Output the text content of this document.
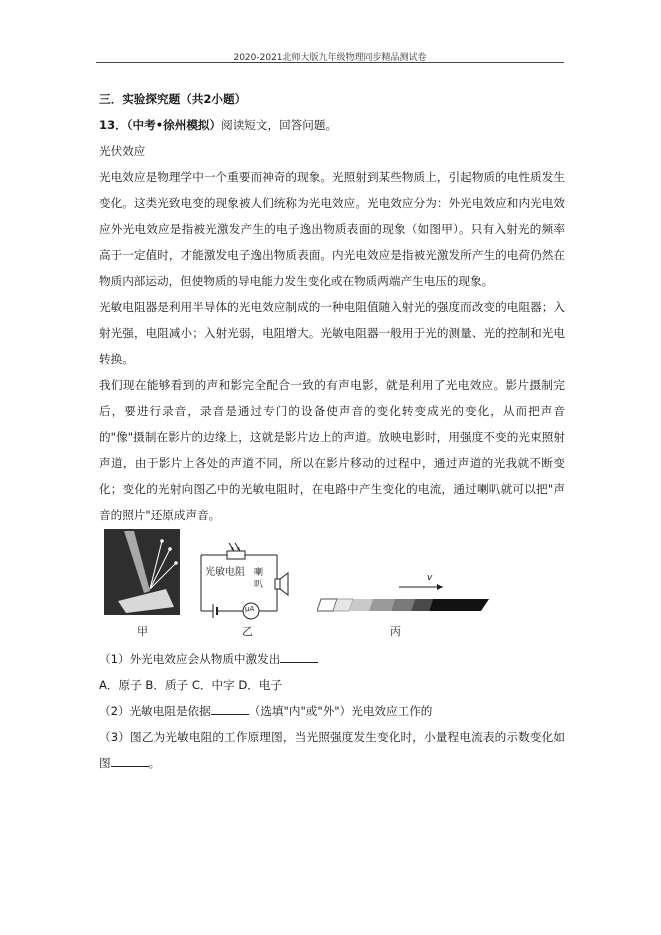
2020-2021北师大版九年级物理同步精品测试卷

三．实验探究题（共2小题）

13．（中考•徐州模拟）阅读短文，回答问题。

光伏效应

光电效应是物理学中一个重要而神奇的现象。光照射到某些物质上，引起物质的电性质发生变化。这类光致电变的现象被人们统称为光电效应。光电效应分为：外光电效应和内光电效应外光电效应是指被光激发产生的电子逸出物质表面的现象（如图甲）。只有入射光的频率高于一定值时，才能激发电子逸出物质表面。内光电效应是指被光激发所产生的电荷仍然在物质内部运动，但使物质的导电能力发生变化或在物质两端产生电压的现象。

光敏电阻器是利用半导体的光电效应制成的一种电阻值随入射光的强度而改变的电阻器；入射光强，电阻减小；入射光弱，电阻增大。光敏电阻器一般用于光的测量、光的控制和光电转换。

我们现在能够看到的声和影完全配合一致的有声电影，就是利用了光电效应。影片摄制完后，要进行录音，录音是通过专门的设备使声音的变化转变成光的变化，从而把声音的"像"摄制在影片的边缘上，这就是影片边上的声道。放映电影时，用强度不变的光束照射声道，由于影片上各处的声道不同，所以在影片移动的过程中，通过声道的光我就不断变化；变化的光射向图乙中的光敏电阻时，在电路中产生变化的电流，通过喇叭就可以把"声音的照片"还原成声音。

甲
光敏电阻 喇
叭
μA
乙
v
丙

（1）外光电效应会从物质中激发出

A．原子 B．质子 C．中字 D．电子

（2）光敏电阻是依据	（选填"内"或"外"）光电效应工作的

（3）图乙为光敏电阻的工作原理图，当光照强度发生变化时，小量程电流表的示数变化如图	。
